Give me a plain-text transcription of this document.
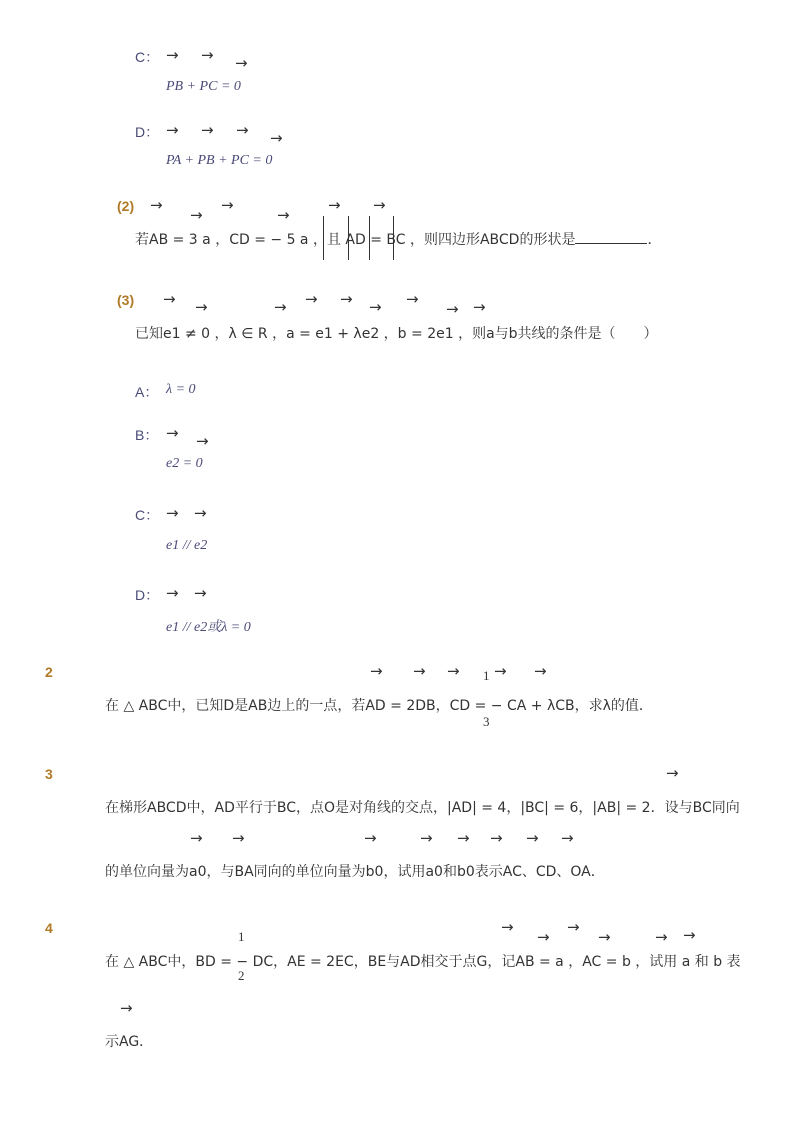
C： → → →
PB + PC = 0
D： → → → →
PA + PB + PC = 0
(2) →
→
→
→
→ →
若AB = 3 a ，CD = − 5 a ，且 AD = BC ，则四边形ABCD的形状是	．
(3) → →	→ → → → →
→ →
已知e1 ≠ 0 ，λ ∈ R ，a = e1 + λe2 ，b = 2e1 ，则a与b共线的条件是（　　）
A： λ = 0
B： → →
e2 = 0
C： → →
e1 // e2
D： → →
e1 // e2或λ = 0
2	→ → → 1 → →
在 △ ABC中，已知D是AB边上的一点，若AD = 2DB，CD = − CA + λCB，求λ的值．
3
3	→
在梯形ABCD中，AD平行于BC，点O是对角线的交点，|AD| = 4，|BC| = 6，|AB| = 2．设与BC同向
→ →	→	→ → → → →
的单位向量为a0，与BA同向的单位向量为b0，试用a0和b0表示AC、CD、OA．
4
1
→
→
→
→	→ →
在 △ ABC中，BD = − DC，AE = 2EC，BE与AD相交于点G，记AB = a ，AC = b ，试用 a 和 b 表
2
→
示AG．
